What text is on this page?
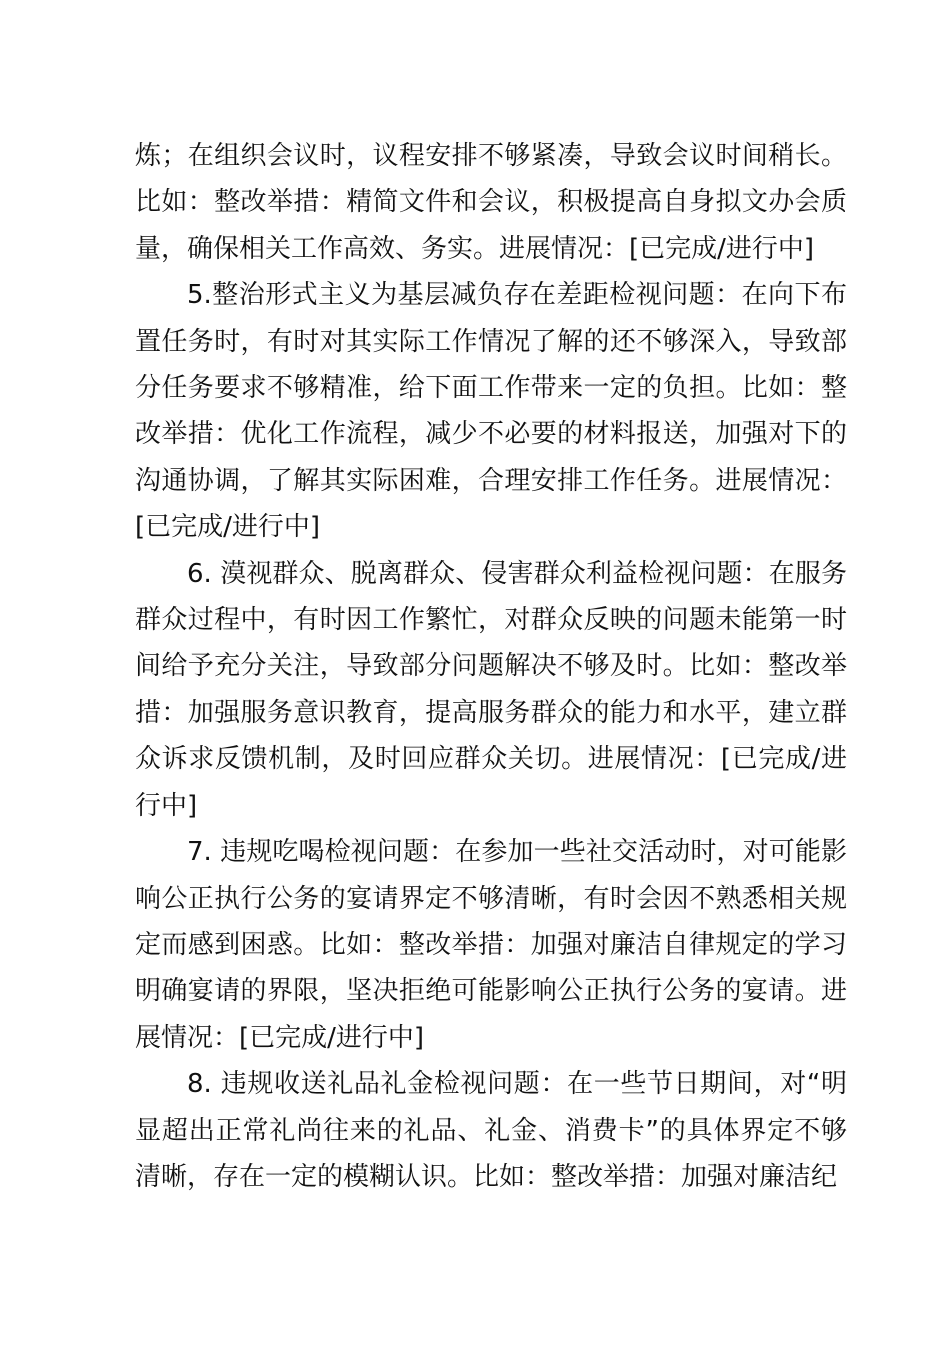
炼；在组织会议时，议程安排不够紧凑，导致会议时间稍长。比如：整改举措：精简文件和会议，积极提高自身拟文办会质量，确保相关工作高效、务实。进展情况：[已完成/进行中]

5.整治形式主义为基层减负存在差距检视问题：在向下布置任务时，有时对其实际工作情况了解的还不够深入，导致部分任务要求不够精准，给下面工作带来一定的负担。比如：整改举措：优化工作流程，减少不必要的材料报送，加强对下的沟通协调，了解其实际困难，合理安排工作任务。进展情况：[已完成/进行中]

6. 漠视群众、脱离群众、侵害群众利益检视问题：在服务群众过程中，有时因工作繁忙，对群众反映的问题未能第一时间给予充分关注，导致部分问题解决不够及时。比如：整改举措：加强服务意识教育，提高服务群众的能力和水平，建立群众诉求反馈机制，及时回应群众关切。进展情况：[已完成/进行中]

7. 违规吃喝检视问题：在参加一些社交活动时，对可能影响公正执行公务的宴请界定不够清晰，有时会因不熟悉相关规定而感到困惑。比如：整改举措：加强对廉洁自律规定的学习明确宴请的界限，坚决拒绝可能影响公正执行公务的宴请。进展情况：[已完成/进行中]

8. 违规收送礼品礼金检视问题：在一些节日期间，对“明显超出正常礼尚往来的礼品、礼金、消费卡”的具体界定不够清晰，存在一定的模糊认识。比如：整改举措：加强对廉洁纪
